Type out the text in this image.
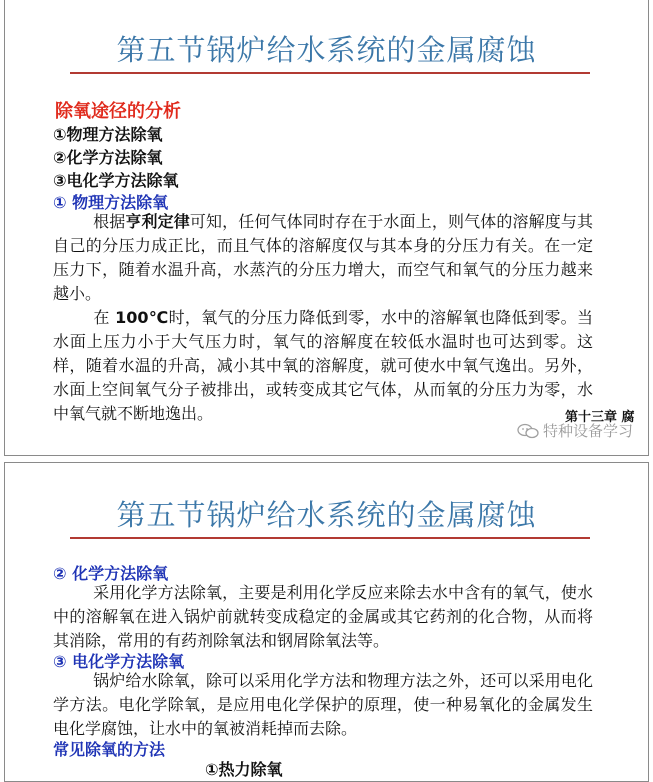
第五节锅炉给水系统的金属腐蚀
除氧途径的分析
①物理方法除氧
②化学方法除氧
③电化学方法除氧
① 物理方法除氧
根据亨利定律可知，任何气体同时存在于水面上，则气体的溶解度与其自己的分压力成正比，而且气体的溶解度仅与其本身的分压力有关。在一定压力下，随着水温升高，水蒸汽的分压力增大，而空气和氧气的分压力越来越小。
在 100℃时，氧气的分压力降低到零，水中的溶解氧也降低到零。当水面上压力小于大气压力时，氧气的溶解度在较低水温时也可达到零。这样，随着水温的升高，减小其中氧的溶解度，就可使水中氧气逸出。另外，水面上空间氧气分子被排出，或转变成其它气体，从而氧的分压力为零，水中氧气就不断地逸出。	第十三章 腐
特种设备学习
第五节锅炉给水系统的金属腐蚀
② 化学方法除氧
采用化学方法除氧，主要是利用化学反应来除去水中含有的氧气，使水中的溶解氧在进入锅炉前就转变成稳定的金属或其它药剂的化合物，从而将其消除，常用的有药剂除氧法和钢屑除氧法等。
③ 电化学方法除氧
锅炉给水除氧，除可以采用化学方法和物理方法之外，还可以采用电化学方法。电化学除氧，是应用电化学保护的原理，使一种易氧化的金属发生电化学腐蚀，让水中的氧被消耗掉而去除。
常见除氧的方法
①热力除氧
